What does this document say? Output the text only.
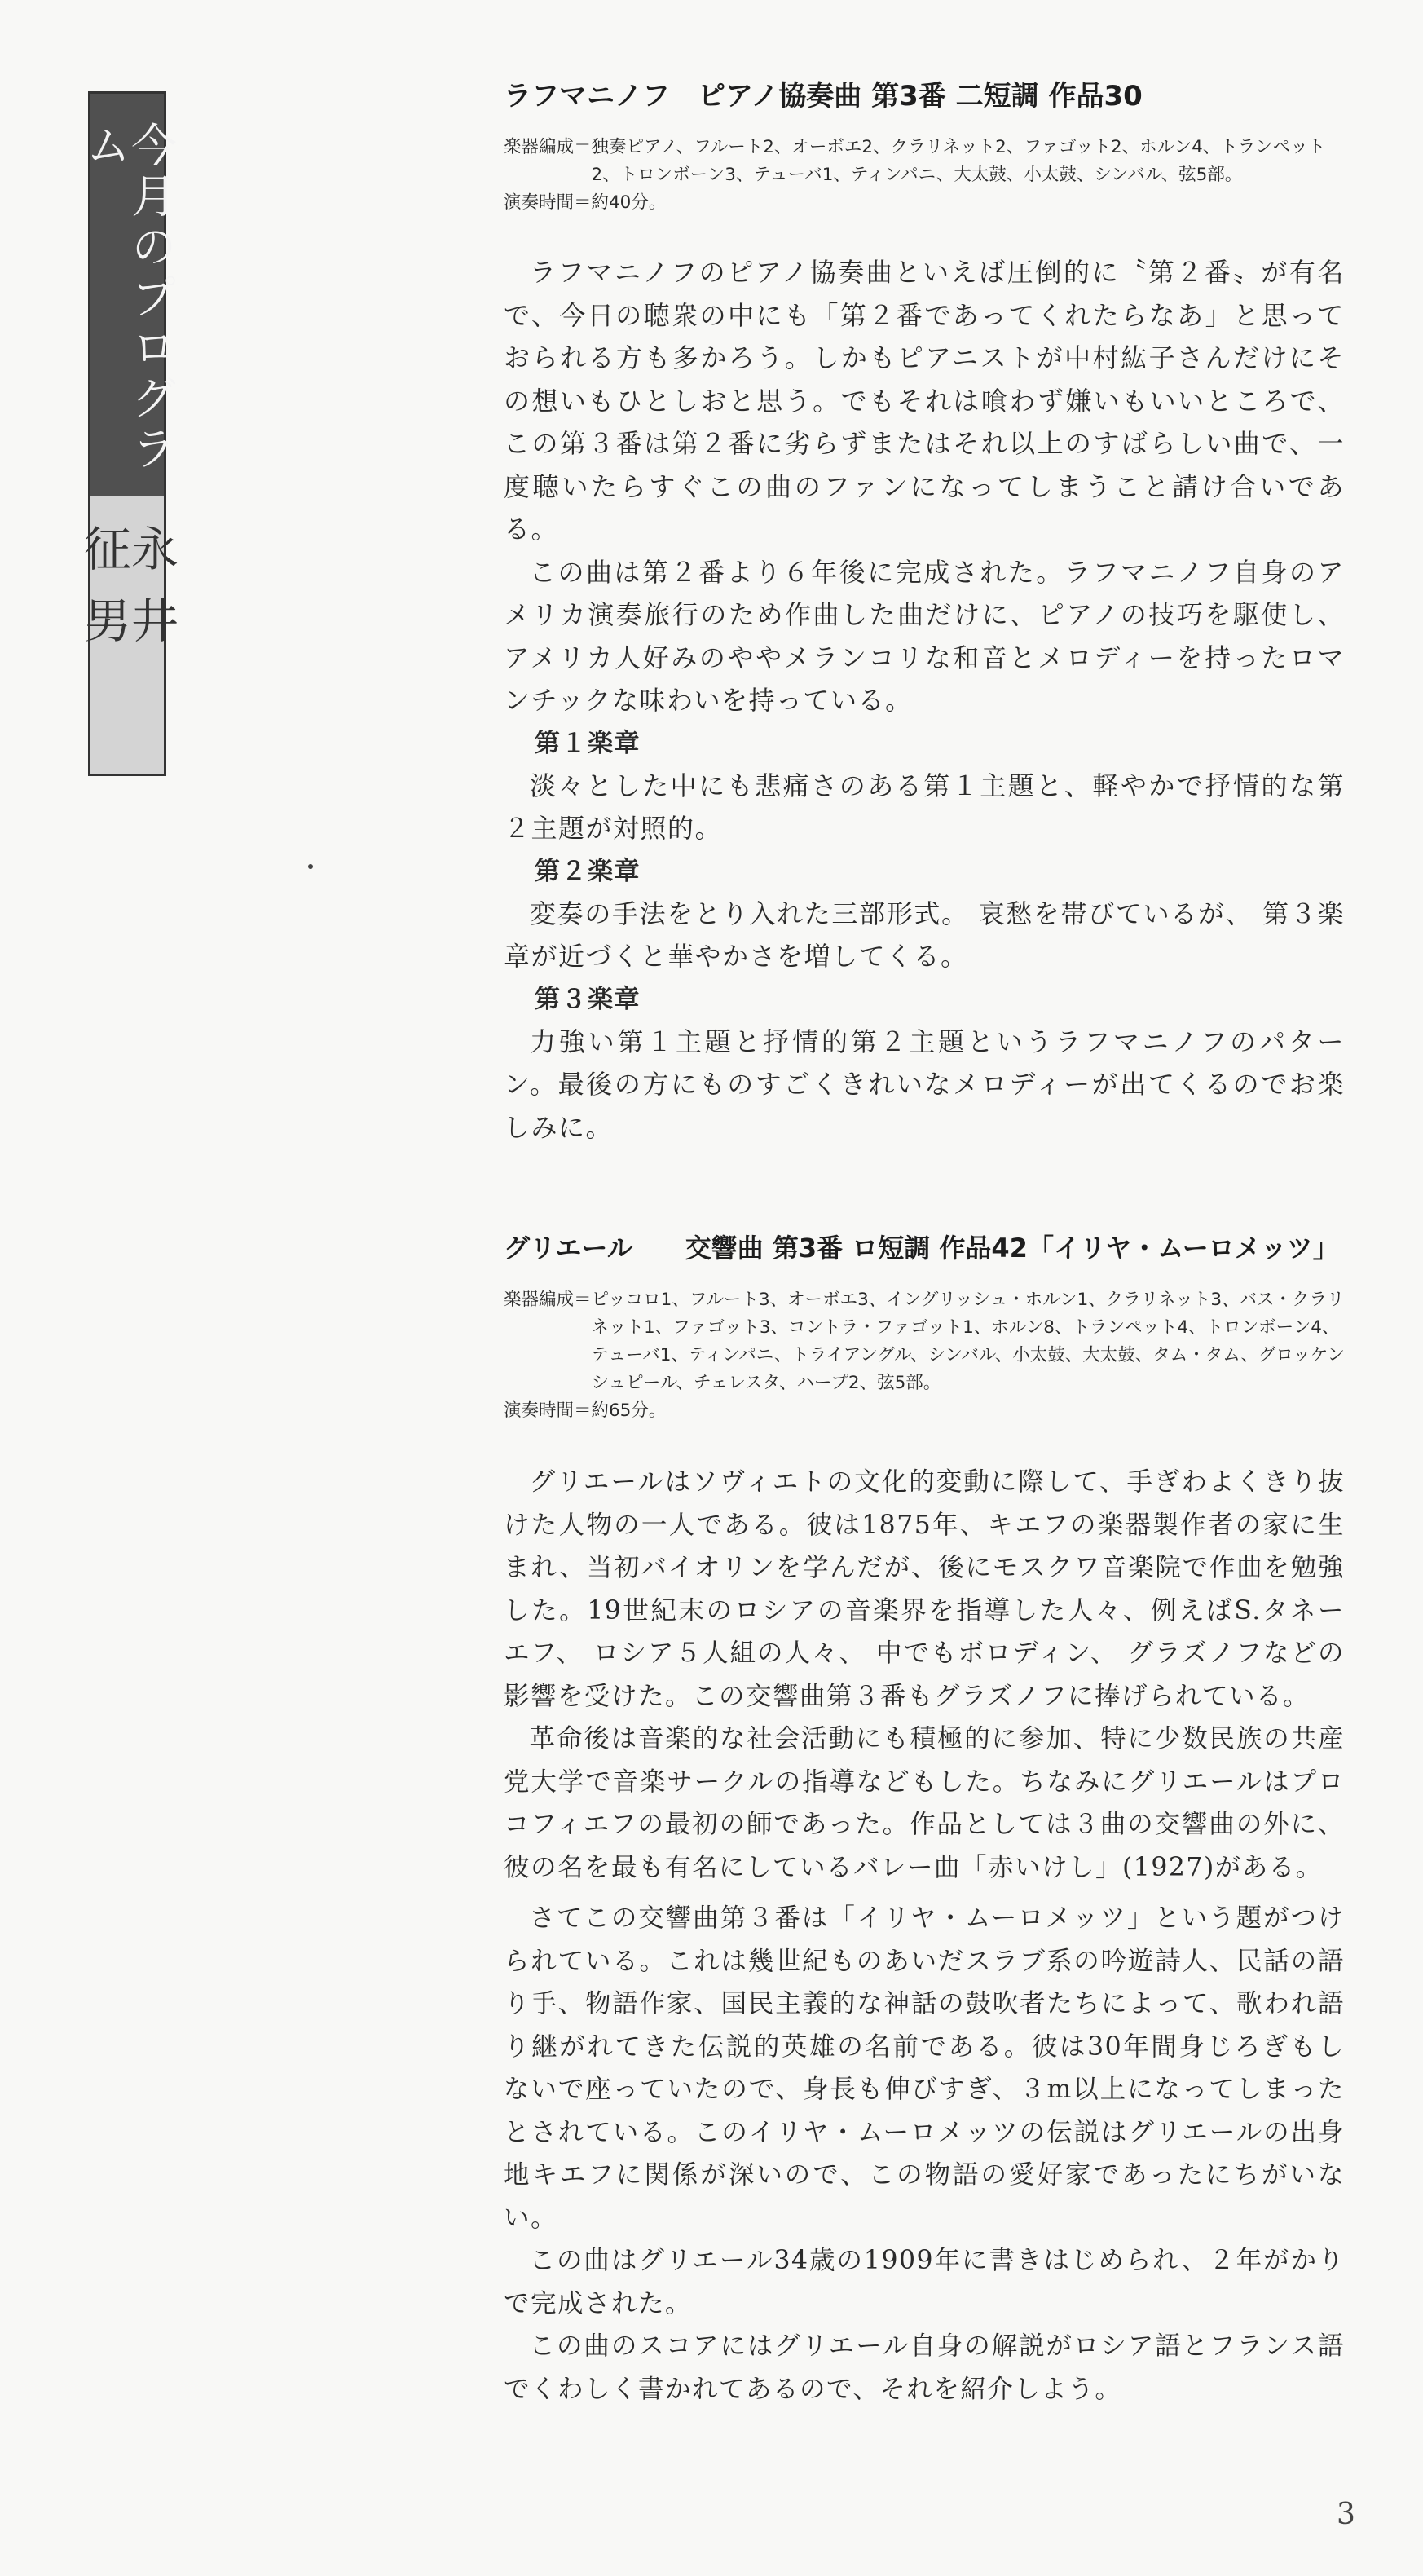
今月のプログラム
永井 征男
ラフマニノフ　ピアノ協奏曲 第3番 二短調 作品30
楽器編成＝ 独奏ピアノ、フルート2、オーボエ2、クラリネット2、ファゴット2、ホルン4、トランペット2、トロンボーン3、テューバ1、ティンパニ、大太鼓、小太鼓、シンバル、弦5部。
演奏時間＝約40分。

ラフマニノフのピアノ協奏曲といえば圧倒的に〝第２番〟が有名で、今日の聴衆の中にも「第２番であってくれたらなあ」と思っておられる方も多かろう。しかもピアニストが中村紘子さんだけにその想いもひとしおと思う。でもそれは喰わず嫌いもいいところで、この第３番は第２番に劣らずまたはそれ以上のすばらしい曲で、一度聴いたらすぐこの曲のファンになってしまうこと請け合いである。

この曲は第２番より６年後に完成された。ラフマニノフ自身のアメリカ演奏旅行のため作曲した曲だけに、ピアノの技巧を駆使し、アメリカ人好みのややメランコリな和音とメロディーを持ったロマンチックな味わいを持っている。

第１楽章

淡々とした中にも悲痛さのある第１主題と、軽やかで抒情的な第２主題が対照的。

第２楽章

変奏の手法をとり入れた三部形式。 哀愁を帯びているが、 第３楽章が近づくと華やかさを増してくる。

第３楽章

力強い第１主題と抒情的第２主題というラフマニノフのパターン。最後の方にものすごくきれいなメロディーが出てくるのでお楽しみに。

グリエール　　交響曲 第3番 ロ短調 作品42「イリヤ・ムーロメッツ」
楽器編成＝ ピッコロ1、フルート3、オーボエ3、イングリッシュ・ホルン1、クラリネット3、バス・クラリネット1、ファゴット3、コントラ・ファゴット1、ホルン8、トランペット4、トロンボーン4、テューバ1、ティンパニ、トライアングル、シンバル、小太鼓、大太鼓、タム・タム、グロッケンシュピール、チェレスタ、ハープ2、弦5部。
演奏時間＝約65分。

グリエールはソヴィエトの文化的変動に際して、手ぎわよくきり抜けた人物の一人である。彼は1875年、キエフの楽器製作者の家に生まれ、当初バイオリンを学んだが、後にモスクワ音楽院で作曲を勉強した。19世紀末のロシアの音楽界を指導した人々、例えばS.タネーエフ、 ロシア５人組の人々、 中でもボロディン、 グラズノフなどの影響を受けた。この交響曲第３番もグラズノフに捧げられている。

革命後は音楽的な社会活動にも積極的に参加、特に少数民族の共産党大学で音楽サークルの指導などもした。ちなみにグリエールはプロコフィエフの最初の師であった。作品としては３曲の交響曲の外に、彼の名を最も有名にしているバレー曲「赤いけし」(1927)がある。

さてこの交響曲第３番は「イリヤ・ムーロメッツ」という題がつけられている。これは幾世紀ものあいだスラブ系の吟遊詩人、民話の語り手、物語作家、国民主義的な神話の鼓吹者たちによって、歌われ語り継がれてきた伝説的英雄の名前である。彼は30年間身じろぎもしないで座っていたので、身長も伸びすぎ、３m以上になってしまったとされている。このイリヤ・ムーロメッツの伝説はグリエールの出身地キエフに関係が深いので、この物語の愛好家であったにちがいない。

この曲はグリエール34歳の1909年に書きはじめられ、２年がかりで完成された。

この曲のスコアにはグリエール自身の解説がロシア語とフランス語でくわしく書かれてあるので、それを紹介しよう。

3
